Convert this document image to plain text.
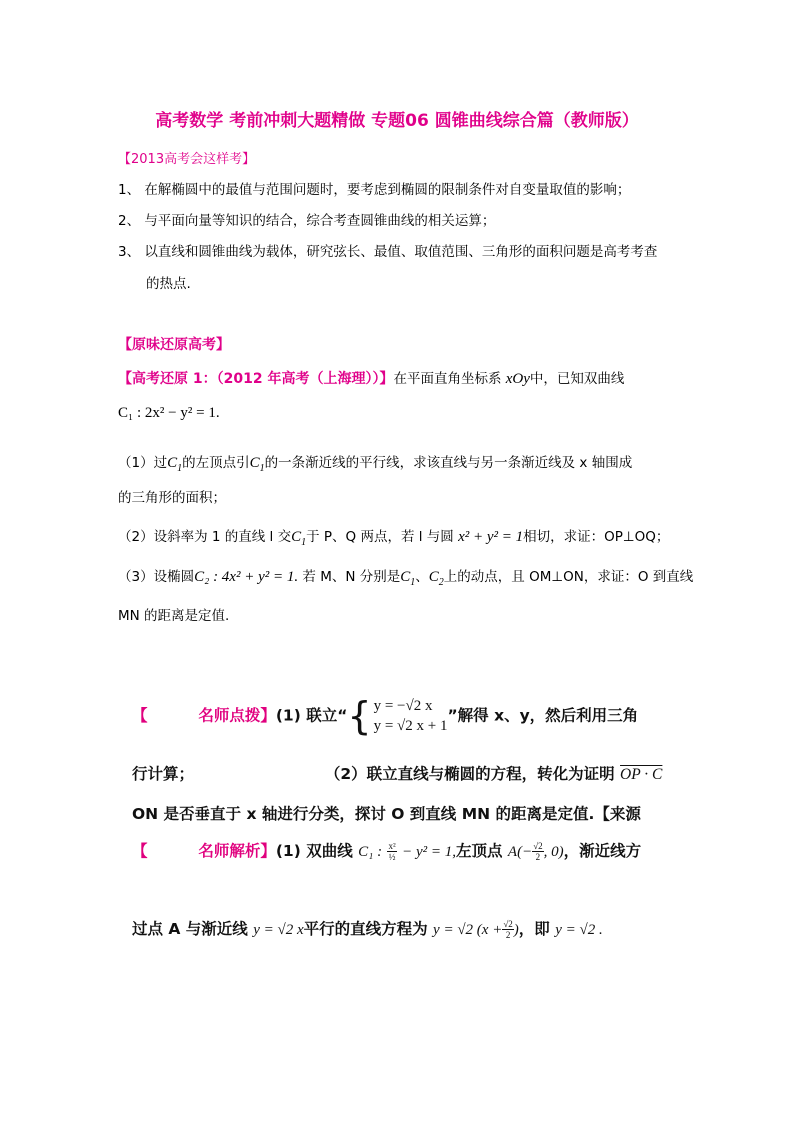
高考数学 考前冲刺大题精做 专题06 圆锥曲线综合篇（教师版）
【2013高考会这样考】
1、 在解椭圆中的最值与范围问题时，要考虑到椭圆的限制条件对自变量取值的影响；
2、 与平面向量等知识的结合，综合考查圆锥曲线的相关运算；
3、 以直线和圆锥曲线为载体，研究弦长、最值、取值范围、三角形的面积问题是高考考查
的热点.
【原味还原高考】
【高考还原 1：（2012 年高考（上海理））】在平面直角坐标系 xOy中，已知双曲线
C₁ : 2x² − y² = 1.
（1）过$C_1$的左顶点引$C_1$的一条渐近线的平行线，求该直线与另一条渐近线及 x 轴围成
的三角形的面积；
（2）设斜率为 1 的直线 l 交$C_1$于 P、Q 两点，若 l 与圆 x² + y² = 1相切，求证：OP⊥OQ；
（3）设椭圆C₂ : 4x² + y² = 1. 若 M、N 分别是$C_1$、$C_2$上的动点，且 OM⊥ON，求证：O 到直线
MN 的距离是定值.
【	名师点拨】(1) 联立“{ y = −√2 x
y = √2 x + 1
”解得 x、y，然后利用三角
行计算；	（2）联立直线与椭圆的方程，转化为证明 OP · C
ON 是否垂直于 x 轴进行分类，探讨 O 到直线 MN 的距离是定值.【来源
【	名师解析】(1) 双曲线 C₁ : $\frac{\text{x²}}{\text{½}} - y^2 = 1$,左顶点 $A(- \frac{√2}{2}$, 0)，渐近线方
过点 A 与渐近线 y = √2 x平行的直线方程为 y = √2 $(x + \frac{√2}{2})$，即 y = √2 .
